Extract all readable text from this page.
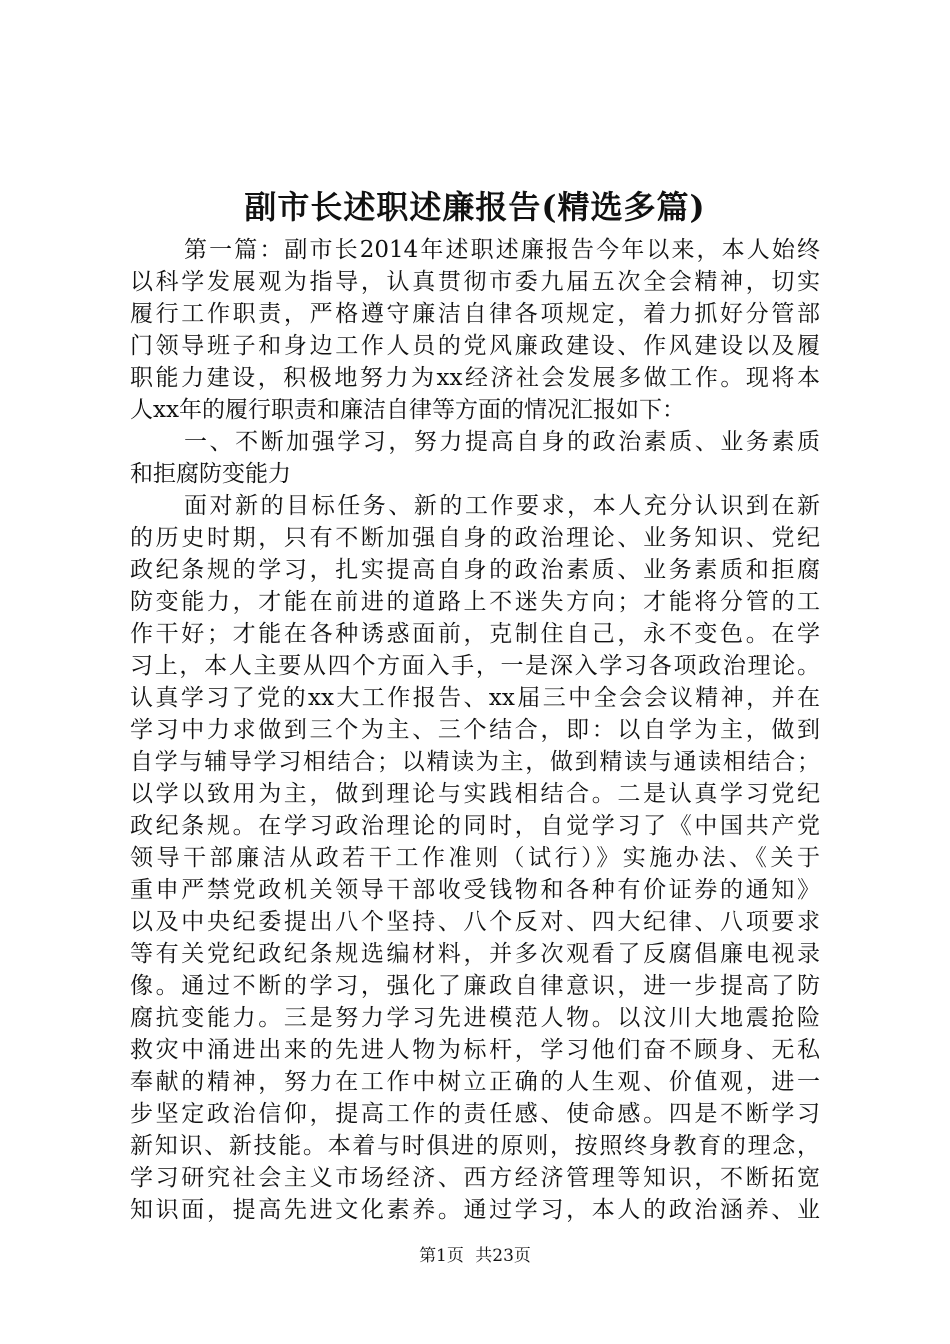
副市长述职述廉报告(精选多篇)
第一篇：副市长2014年述职述廉报告今年以来，本人始终
以科学发展观为指导，认真贯彻市委九届五次全会精神，切实
履行工作职责，严格遵守廉洁自律各项规定，着力抓好分管部
门领导班子和身边工作人员的党风廉政建设、作风建设以及履
职能力建设，积极地努力为xx经济社会发展多做工作。现将本
人xx年的履行职责和廉洁自律等方面的情况汇报如下：
一、不断加强学习，努力提高自身的政治素质、业务素质
和拒腐防变能力
面对新的目标任务、新的工作要求，本人充分认识到在新
的历史时期，只有不断加强自身的政治理论、业务知识、党纪
政纪条规的学习，扎实提高自身的政治素质、业务素质和拒腐
防变能力，才能在前进的道路上不迷失方向；才能将分管的工
作干好；才能在各种诱惑面前，克制住自己，永不变色。在学
习上，本人主要从四个方面入手，一是深入学习各项政治理论。
认真学习了党的xx大工作报告、xx届三中全会会议精神，并在
学习中力求做到三个为主、三个结合，即：以自学为主，做到
自学与辅导学习相结合；以精读为主，做到精读与通读相结合；
以学以致用为主，做到理论与实践相结合。二是认真学习党纪
政纪条规。在学习政治理论的同时，自觉学习了《中国共产党
领导干部廉洁从政若干工作准则（试行）》实施办法、《关于
重申严禁党政机关领导干部收受钱物和各种有价证券的通知》
以及中央纪委提出八个坚持、八个反对、四大纪律、八项要求
等有关党纪政纪条规选编材料，并多次观看了反腐倡廉电视录
像。通过不断的学习，强化了廉政自律意识，进一步提高了防
腐抗变能力。三是努力学习先进模范人物。以汶川大地震抢险
救灾中涌进出来的先进人物为标杆，学习他们奋不顾身、无私
奉献的精神，努力在工作中树立正确的人生观、价值观，进一
步坚定政治信仰，提高工作的责任感、使命感。四是不断学习
新知识、新技能。本着与时俱进的原则，按照终身教育的理念，
学习研究社会主义市场经济、西方经济管理等知识，不断拓宽
知识面，提高先进文化素养。通过学习，本人的政治涵养、业
第1页 共23页
